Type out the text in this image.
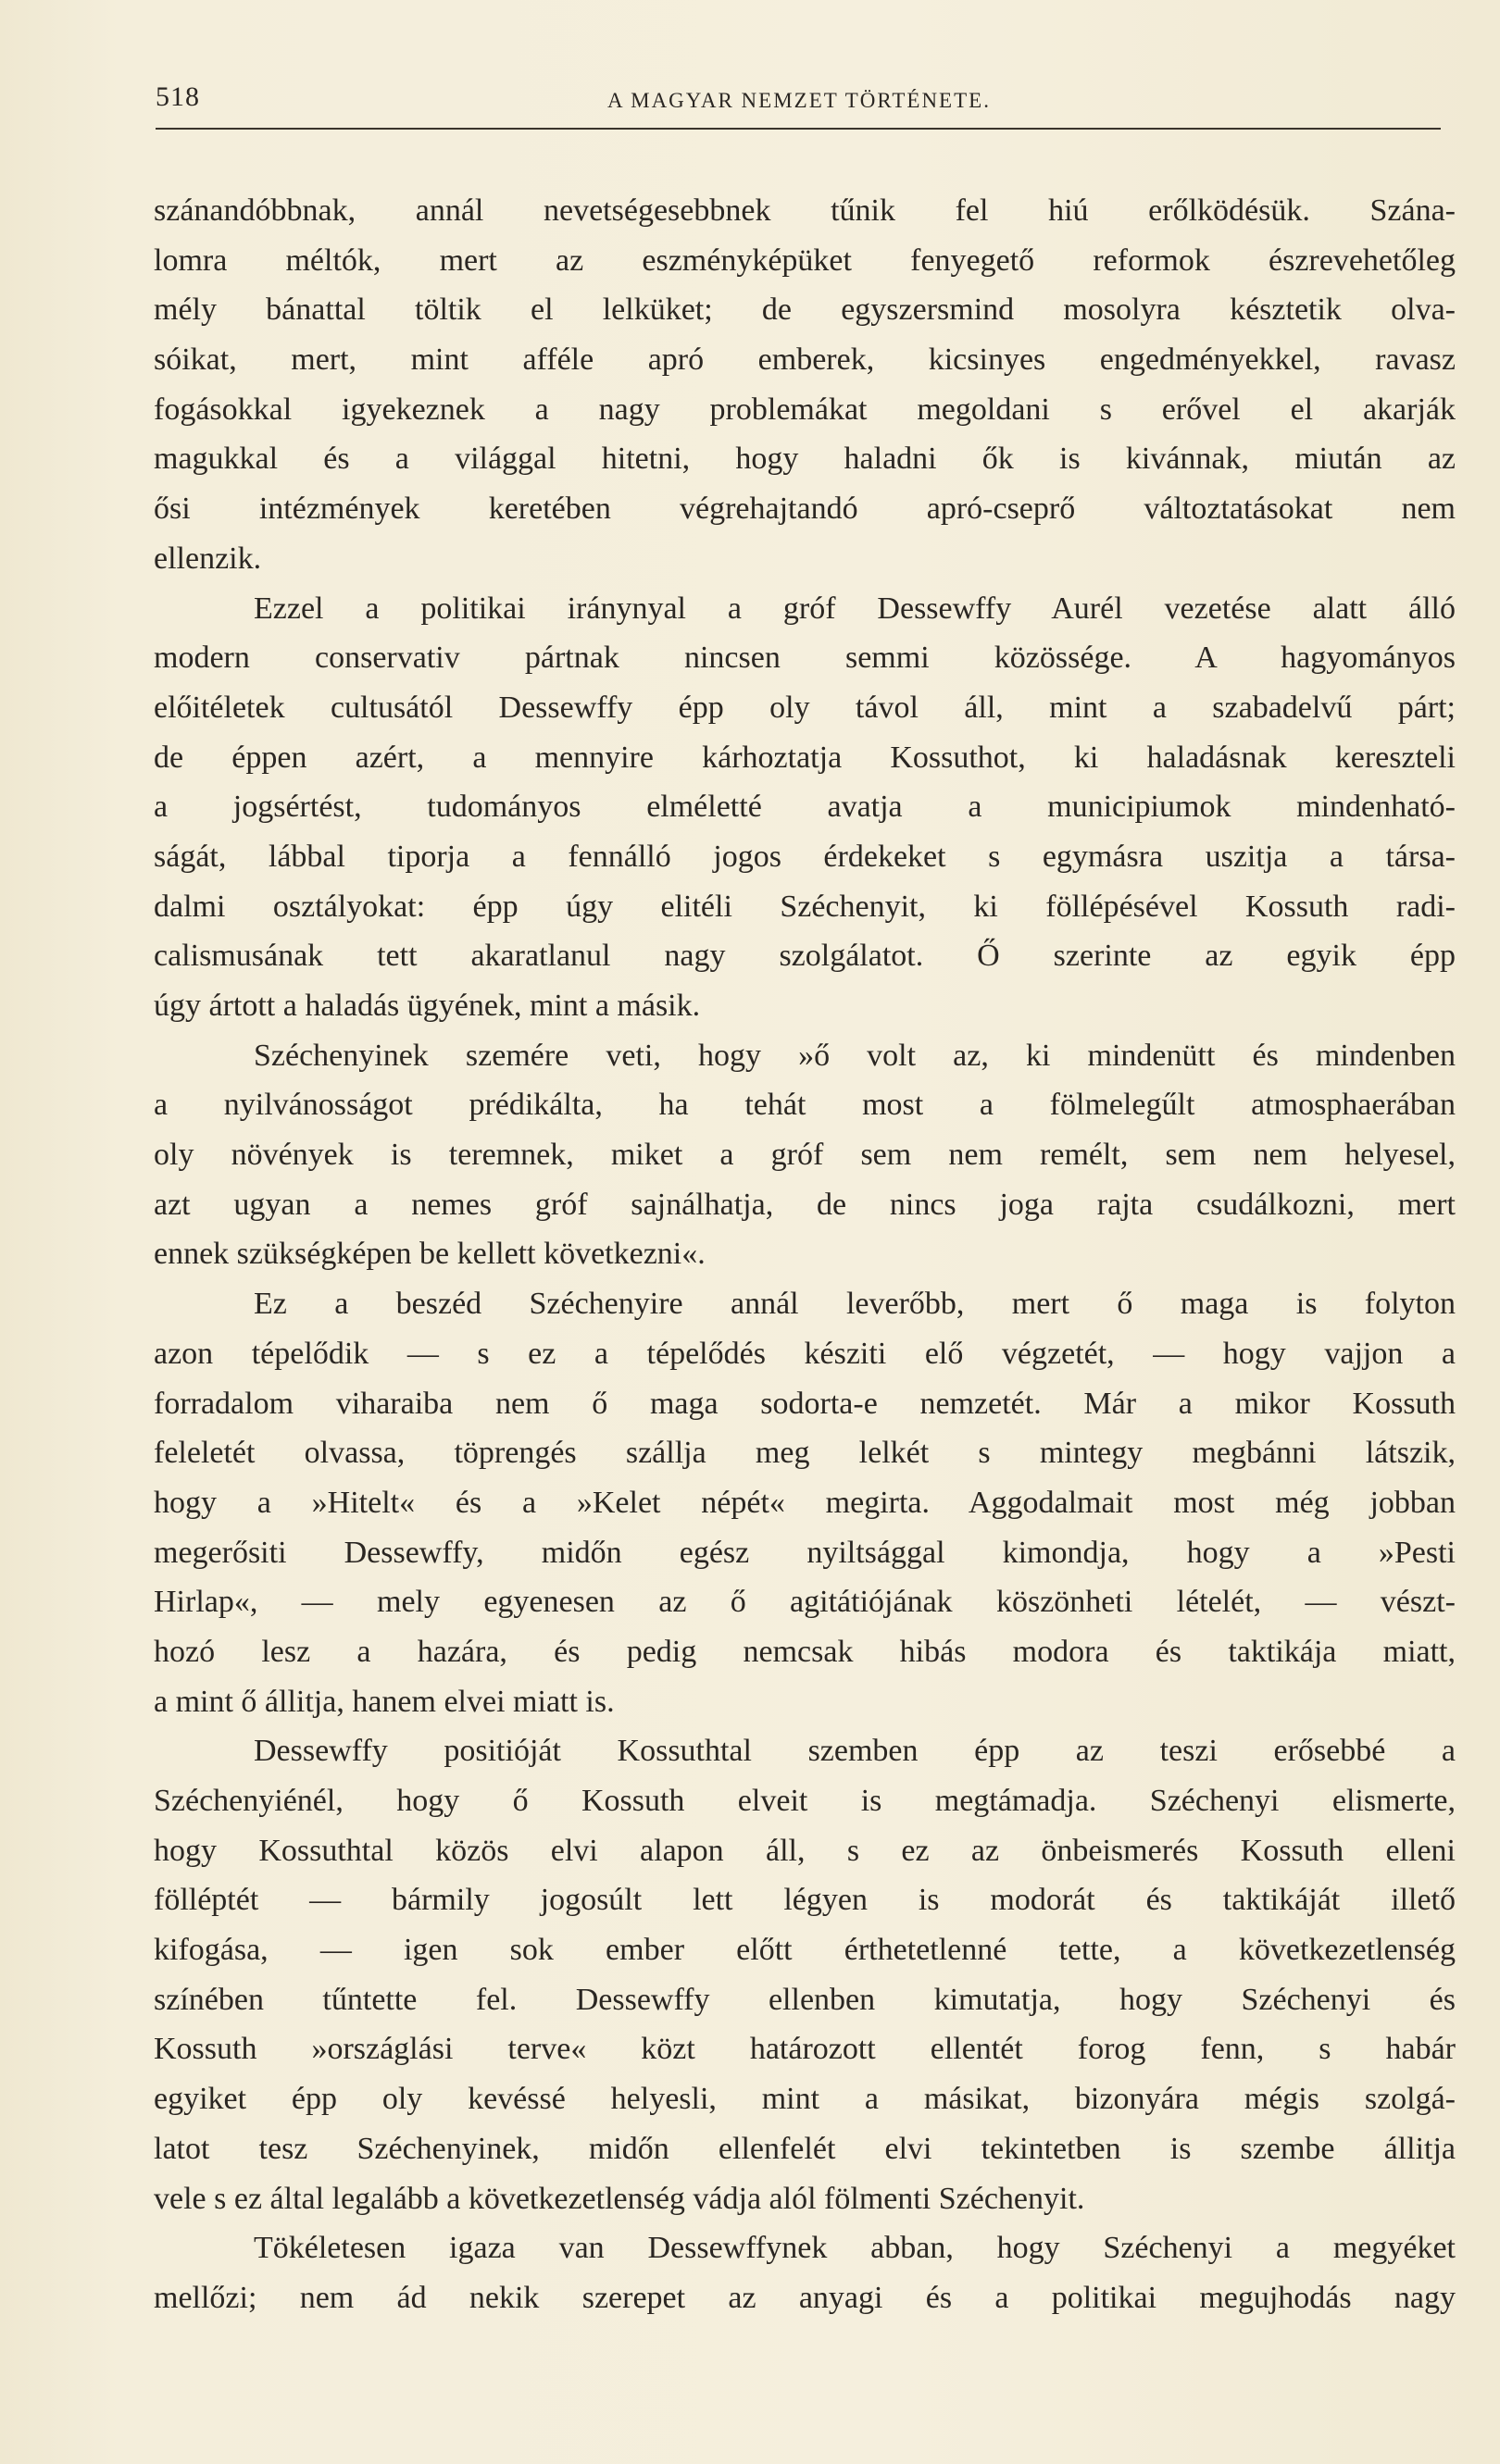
518	A MAGYAR NEMZET TÖRTÉNETE.
szánandóbbnak, annál nevetségesebbnek tűnik fel hiú erőlködésük. Szána-
lomra méltók, mert az eszményképüket fenyegető reformok észrevehetőleg
mély bánattal töltik el lelküket; de egyszersmind mosolyra késztetik olva-
sóikat, mert, mint afféle apró emberek, kicsinyes engedményekkel, ravasz
fogásokkal igyekeznek a nagy problemákat megoldani s erővel el akarják
magukkal és a világgal hitetni, hogy haladni ők is kivánnak, miután az
ősi intézmények keretében végrehajtandó apró-cseprő változtatásokat nem
ellenzik.
Ezzel a politikai iránynyal a gróf Dessewffy Aurél vezetése alatt álló
modern conservativ pártnak nincsen semmi közössége. A hagyományos
előitéletek cultusától Dessewffy épp oly távol áll, mint a szabadelvű párt;
de éppen azért, a mennyire kárhoztatja Kossuthot, ki haladásnak kereszteli
a jogsértést, tudományos elméletté avatja a municipiumok mindenható-
ságát, lábbal tiporja a fennálló jogos érdekeket s egymásra uszitja a társa-
dalmi osztályokat: épp úgy elitéli Széchenyit, ki föllépésével Kossuth radi-
calismusának tett akaratlanul nagy szolgálatot. Ő szerinte az egyik épp
úgy ártott a haladás ügyének, mint a másik.
Széchenyinek szemére veti, hogy »ő volt az, ki mindenütt és mindenben
a nyilvánosságot prédikálta, ha tehát most a fölmelegűlt atmosphaerában
oly növények is teremnek, miket a gróf sem nem remélt, sem nem helyesel,
azt ugyan a nemes gróf sajnálhatja, de nincs joga rajta csudálkozni, mert
ennek szükségképen be kellett következni«.
Ez a beszéd Széchenyire annál leverőbb, mert ő maga is folyton
azon tépelődik — s ez a tépelődés késziti elő végzetét, — hogy vajjon a
forradalom viharaiba nem ő maga sodorta-e nemzetét. Már a mikor Kossuth
feleletét olvassa, töprengés szállja meg lelkét s mintegy megbánni látszik,
hogy a »Hitelt« és a »Kelet népét« megirta. Aggodalmait most még jobban
megerősiti Dessewffy, midőn egész nyiltsággal kimondja, hogy a »Pesti
Hirlap«, — mely egyenesen az ő agitátiójának köszönheti lételét, — vészt-
hozó lesz a hazára, és pedig nemcsak hibás modora és taktikája miatt,
a mint ő állitja, hanem elvei miatt is.
Dessewffy positióját Kossuthtal szemben épp az teszi erősebbé a
Széchenyiénél, hogy ő Kossuth elveit is megtámadja. Széchenyi elismerte,
hogy Kossuthtal közös elvi alapon áll, s ez az önbeismerés Kossuth elleni
fölléptét — bármily jogosúlt lett légyen is modorát és taktikáját illető
kifogása, — igen sok ember előtt érthetetlenné tette, a következetlenség
színében tűntette fel. Dessewffy ellenben kimutatja, hogy Széchenyi és
Kossuth »országlási terve« közt határozott ellentét forog fenn, s habár
egyiket épp oly kevéssé helyesli, mint a másikat, bizonyára mégis szolgá-
latot tesz Széchenyinek, midőn ellenfelét elvi tekintetben is szembe állitja
vele s ez által legalább a következetlenség vádja alól fölmenti Széchenyit.
Tökéletesen igaza van Dessewffynek abban, hogy Széchenyi a megyéket
mellőzi; nem ád nekik szerepet az anyagi és a politikai megujhodás nagy
